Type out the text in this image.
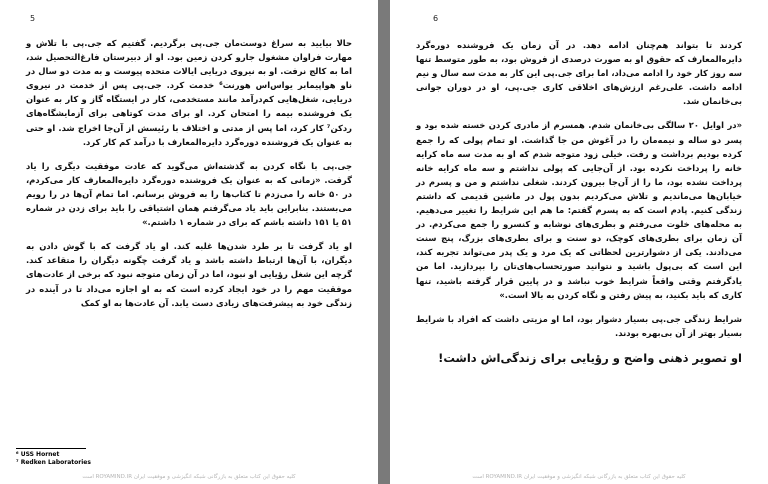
5

حالا بیایید به سراغ دوست‌مان جی.پی برگردیم. گفتیم که جی.پی با تلاش و مهارت فراوان مشغول جارو کردن زمین بود. او از دبیرستان فارغ‌التحصیل شد، اما به کالج نرفت. او به نیروی دریایی ایالات متحده پیوست و به مدت دو سال در ناو هواپیمابر یواس‌اس هورنت⁶ خدمت کرد. جی.پی پس از خدمت در نیروی دریایی، شغل‌هایی کم‌درآمد مانند مستخدمی، کار در ایستگاه گاز و کار به عنوان یک فروشنده بیمه را امتحان کرد. او برای مدت کوتاهی برای آزمایشگاه‌های ردکن⁷ کار کرد، اما پس از مدتی و اختلاف با رئیسش از آن‌جا اخراج شد. او حتی به عنوان یک فروشنده دوره‌گرد دایره‌المعارف با درآمد کم کار کرد.

جی.پی با نگاه کردن به گذشته‌اش می‌گوید که عادت موفقیت دیگری را یاد گرفت. «زمانی که به عنوان یک فروشنده دوره‌گرد دایره‌المعارف کار می‌کردم، در ۵۰ خانه را می‌زدم تا کتاب‌ها را به فروش برسانم. اما تمام آن‌ها در را رویم می‌بستند. بنابراین باید یاد می‌گرفتم همان اشتیاقی را باید برای زدن در شماره ۵۱ یا ۱۵۱ داشته باشم که برای در شماره ۱ داشتم.»

او یاد گرفت تا بر طرد شدن‌ها غلبه کند. او یاد گرفت که با گوش دادن به دیگران، با آن‌ها ارتباط داشته باشد و یاد گرفت چگونه دیگران را متقاعد کند. گرچه این شغل رؤیایی او نبود، اما در آن زمان متوجه نبود که برخی از عادت‌های موفقیت مهم را در خود ایجاد کرده است که به او اجازه می‌داد تا در آینده در زندگی خود به پیشرفت‌های زیادی دست یابد. آن عادت‌ها به او کمک

⁶ USS Hornet
⁷ Redken Laboratories
کلیه حقوق این کتاب متعلق به بازرگانی شبکه انگیزشی و موفقیت ایران ROYAMIND.IR است
6

کردند تا بتواند هم‌چنان ادامه دهد. در آن زمان یک فروشنده دوره‌گرد دایره‌المعارف که حقوق او به صورت درصدی از فروش بود، به طور متوسط تنها سه روز کار خود را ادامه می‌داد، اما برای جی.پی این کار به مدت سه سال و نیم ادامه داشت. علی‌رغم ارزش‌های اخلاقی کاری جی.پی، او در دوران جوانی بی‌خانمان شد.

«در اوایل ۲۰ سالگی بی‌خانمان شدم. همسرم از مادری کردن خسته شده بود و پسر دو ساله و نیمه‌مان را در آغوش من جا گذاشت. او تمام پولی که را جمع کرده بودیم برداشت و رفت. خیلی زود متوجه شدم که او به مدت سه ماه کرایه خانه را پرداخت نکرده بود. از آن‌جایی که پولی نداشتم و سه ماه کرایه خانه پرداخت نشده بود، ما را از آن‌جا بیرون کردند. شغلی نداشتم و من و پسرم در خیابان‌ها می‌ماندیم و تلاش می‌کردیم بدون پول در ماشین قدیمی که داشتم زندگی کنیم. پادم است که به پسرم گفتم: ما هم این شرایط را تغییر می‌دهیم. به محله‌های خلوت می‌رفتم و بطری‌های نوشابه و کنسرو را جمع می‌کردم. در آن زمان برای بطری‌های کوچک، دو سنت و برای بطری‌های بزرگ، پنج سنت می‌دادند. یکی از دشوارترین لحظاتی که یک مرد و یک پدر می‌تواند تجربه کند، این است که بی‌پول باشید و نتوانید صورتحساب‌های‌تان را بپردازید. اما من یادگرفتم وقتی واقعاً شرایط خوب نباشد و در پایین قرار گرفته باشید، تنها کاری که باید بکنید، به پیش رفتن و نگاه کردن به بالا است.»

شرایط زندگی جی.پی بسیار دشوار بود، اما او مزیتی داشت که افراد با شرایط بسیار بهتر از آن بی‌بهره بودند.

او تصویر ذهنی واضح و رؤیایی برای زندگی‌اش داشت!

کلیه حقوق این کتاب متعلق به بازرگانی شبکه انگیزشی و موفقیت ایران ROYAMIND.IR است
